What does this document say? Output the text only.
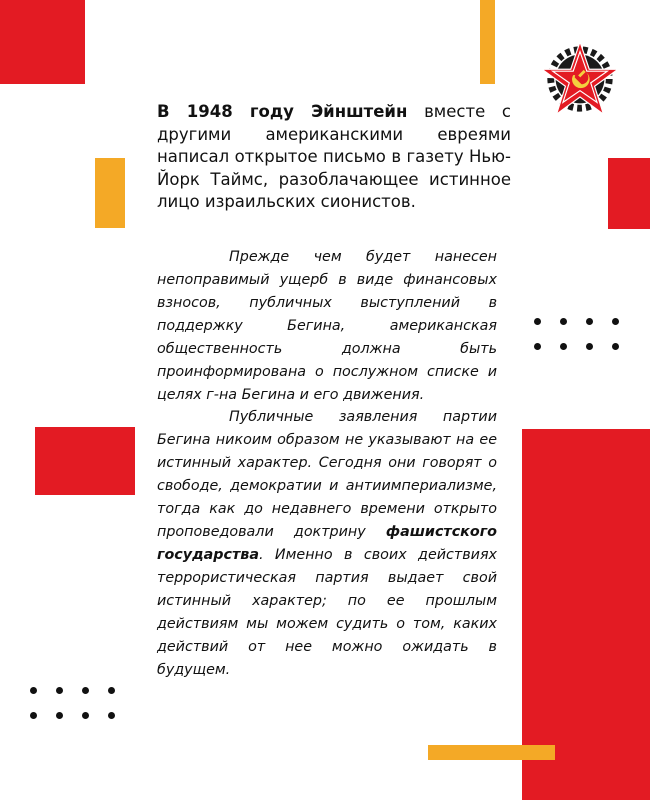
В 1948 году Эйнштейн вместе с другими американскими евреями написал открытое письмо в газету Нью-Йорк Таймс, разоблачающее истинное лицо израильских сионистов.
Прежде чем будет нанесен непоправимый ущерб в виде финансовых взносов, публичных выступлений в поддержку Бегина, американская общественность должна быть проинформирована о послужном списке и целях г-на Бегина и его движения.
Публичные заявления партии Бегина никоим образом не указывают на ее истинный характер. Сегодня они говорят о свободе, демократии и антиимпериализме, тогда как до недавнего времени открыто проповедовали доктрину фашистского государства. Именно в своих действиях террористическая партия выдает свой истинный характер; по ее прошлым действиям мы можем судить о том, каких действий от нее можно ожидать в будущем.
